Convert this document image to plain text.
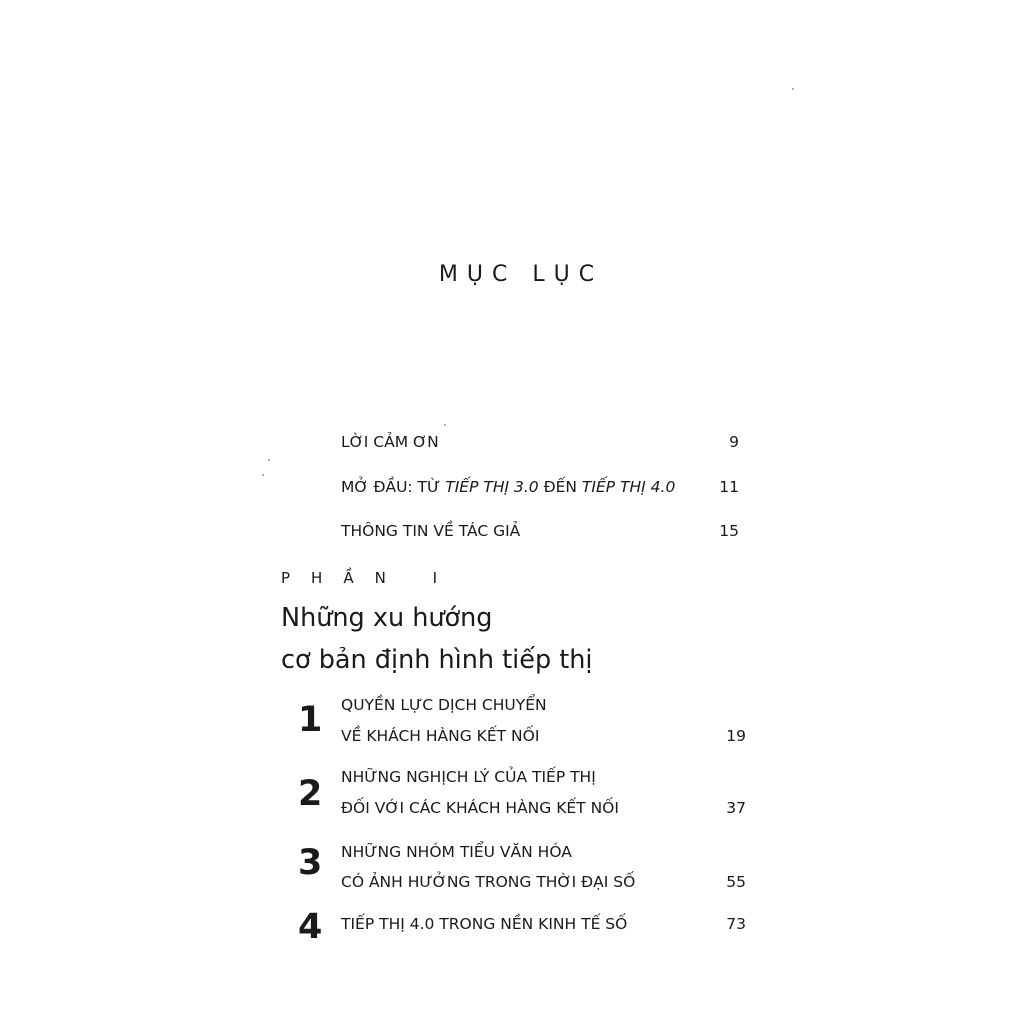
MỤC LỤC
LỜI CẢM ƠN	9
MỞ ĐẦU: TỪ TIẾP THỊ 3.0 ĐẾN TIẾP THỊ 4.0	11
THÔNG TIN VỀ TÁC GIẢ	15
PHẦN I
Những xu hướng
cơ bản định hình tiếp thị
1 QUYỀN LỰC DỊCH CHUYỂN
VỀ KHÁCH HÀNG KẾT NỐI	19
2 NHỮNG NGHỊCH LÝ CỦA TIẾP THỊ
ĐỐI VỚI CÁC KHÁCH HÀNG KẾT NỐI	37
3 NHỮNG NHÓM TIỂU VĂN HÓA
CÓ ẢNH HƯỞNG TRONG THỜI ĐẠI SỐ	55
4 TIẾP THỊ 4.0 TRONG NỀN KINH TẾ SỐ	73
